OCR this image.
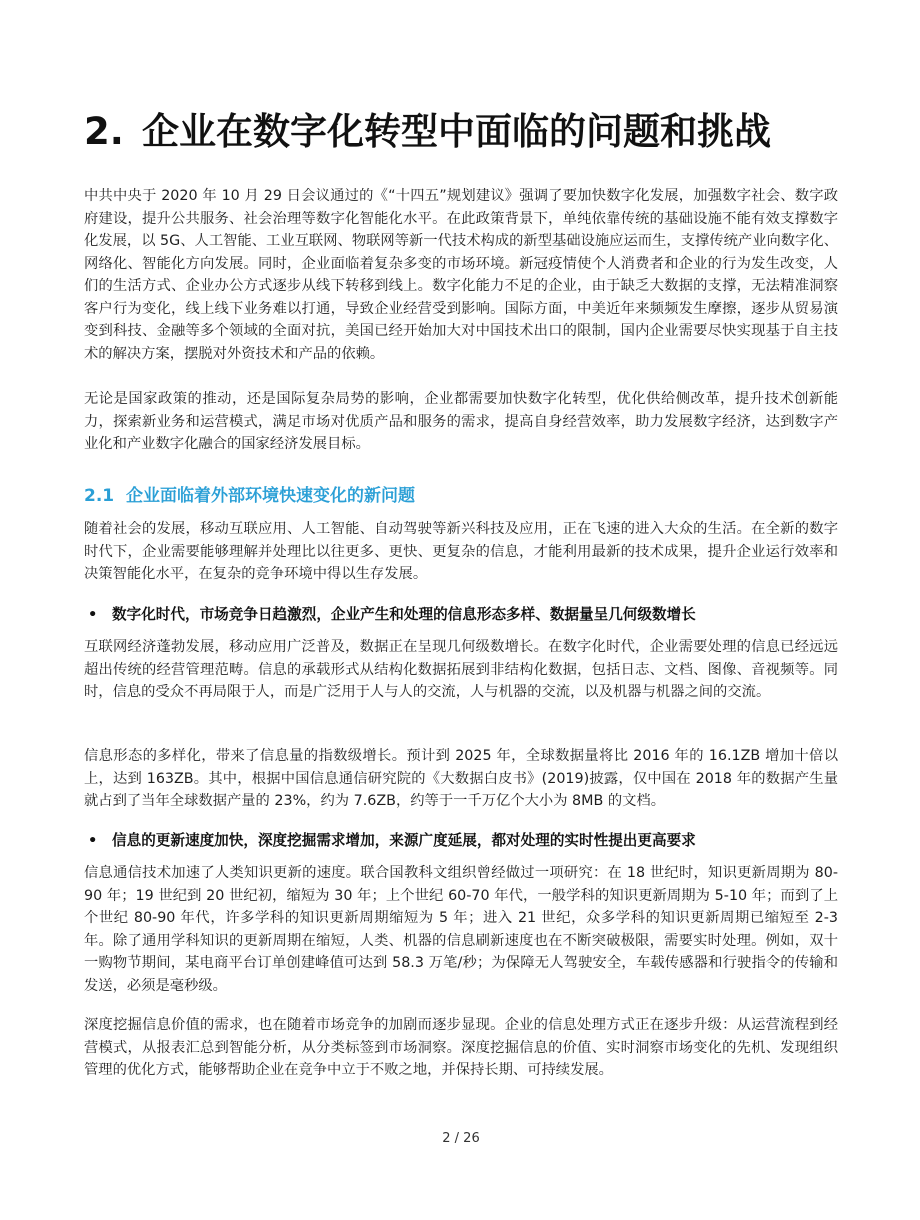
2. 企业在数字化转型中面临的问题和挑战

中共中央于 2020 年 10 月 29 日会议通过的《“十四五”规划建议》强调了要加快数字化发展，加强数字社会、数字政府建设，提升公共服务、社会治理等数字化智能化水平。在此政策背景下，单纯依靠传统的基础设施不能有效支撑数字化发展，以 5G、人工智能、工业互联网、物联网等新一代技术构成的新型基础设施应运而生，支撑传统产业向数字化、网络化、智能化方向发展。同时，企业面临着复杂多变的市场环境。新冠疫情使个人消费者和企业的行为发生改变，人们的生活方式、企业办公方式逐步从线下转移到线上。数字化能力不足的企业，由于缺乏大数据的支撑，无法精准洞察客户行为变化，线上线下业务难以打通，导致企业经营受到影响。国际方面，中美近年来频频发生摩擦，逐步从贸易演变到科技、金融等多个领域的全面对抗，美国已经开始加大对中国技术出口的限制，国内企业需要尽快实现基于自主技术的解决方案，摆脱对外资技术和产品的依赖。

无论是国家政策的推动，还是国际复杂局势的影响，企业都需要加快数字化转型，优化供给侧改革，提升技术创新能力，探索新业务和运营模式，满足市场对优质产品和服务的需求，提高自身经营效率，助力发展数字经济，达到数字产业化和产业数字化融合的国家经济发展目标。

2.1 企业面临着外部环境快速变化的新问题

随着社会的发展，移动互联应用、人工智能、自动驾驶等新兴科技及应用，正在飞速的进入大众的生活。在全新的数字时代下，企业需要能够理解并处理比以往更多、更快、更复杂的信息，才能利用最新的技术成果，提升企业运行效率和决策智能化水平，在复杂的竞争环境中得以生存发展。

• 数字化时代，市场竞争日趋激烈，企业产生和处理的信息形态多样、数据量呈几何级数增长

互联网经济蓬勃发展，移动应用广泛普及，数据正在呈现几何级数增长。在数字化时代，企业需要处理的信息已经远远超出传统的经营管理范畴。信息的承载形式从结构化数据拓展到非结构化数据，包括日志、文档、图像、音视频等。同时，信息的受众不再局限于人，而是广泛用于人与人的交流，人与机器的交流，以及机器与机器之间的交流。

信息形态的多样化，带来了信息量的指数级增长。预计到 2025 年，全球数据量将比 2016 年的 16.1ZB 增加十倍以上，达到 163ZB。其中，根据中国信息通信研究院的《大数据白皮书》(2019)披露，仅中国在 2018 年的数据产生量就占到了当年全球数据产量的 23%，约为 7.6ZB，约等于一千万亿个大小为 8MB 的文档。

• 信息的更新速度加快，深度挖掘需求增加，来源广度延展，都对处理的实时性提出更高要求

信息通信技术加速了人类知识更新的速度。联合国教科文组织曾经做过一项研究：在 18 世纪时，知识更新周期为 80-90 年；19 世纪到 20 世纪初，缩短为 30 年；上个世纪 60-70 年代，一般学科的知识更新周期为 5-10 年；而到了上个世纪 80-90 年代，许多学科的知识更新周期缩短为 5 年；进入 21 世纪，众多学科的知识更新周期已缩短至 2-3 年。除了通用学科知识的更新周期在缩短，人类、机器的信息刷新速度也在不断突破极限，需要实时处理。例如，双十一购物节期间，某电商平台订单创建峰值可达到 58.3 万笔/秒；为保障无人驾驶安全，车载传感器和行驶指令的传输和发送，必须是毫秒级。

深度挖掘信息价值的需求，也在随着市场竞争的加剧而逐步显现。企业的信息处理方式正在逐步升级：从运营流程到经营模式，从报表汇总到智能分析，从分类标签到市场洞察。深度挖掘信息的价值、实时洞察市场变化的先机、发现组织管理的优化方式，能够帮助企业在竞争中立于不败之地，并保持长期、可持续发展。

2 / 26
